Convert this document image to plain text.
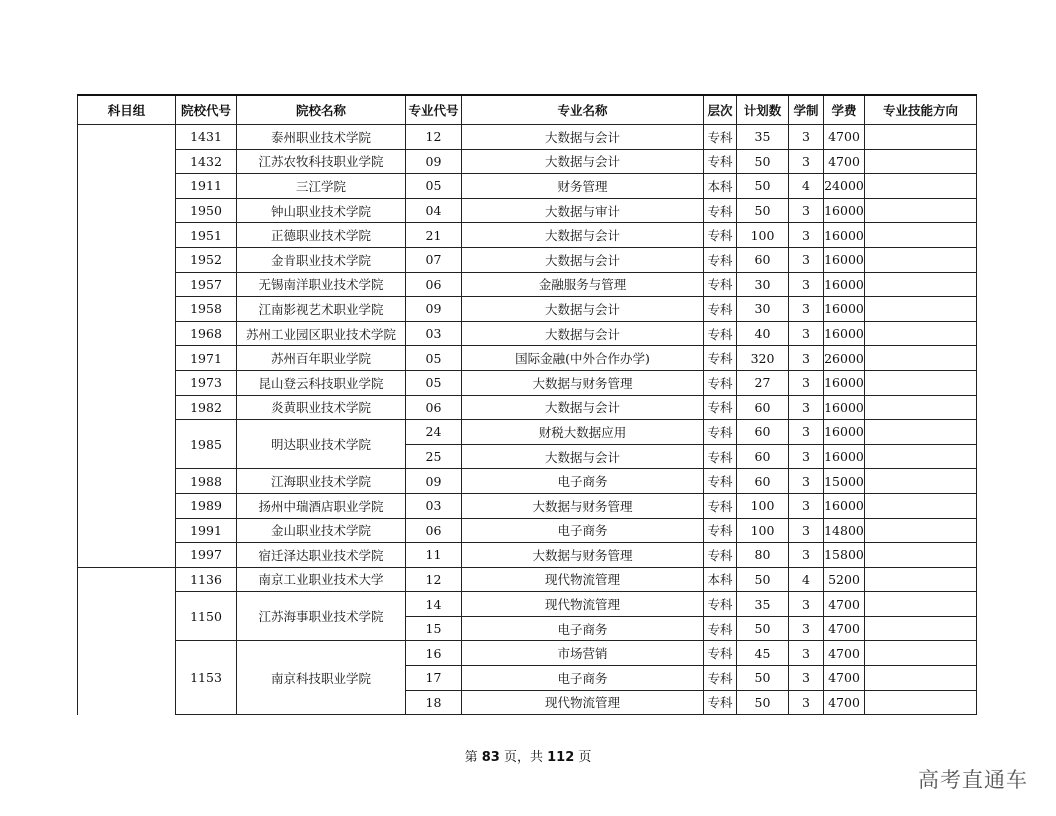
科目组	院校代号	院校名称	专业代号	专业名称	层次	计划数	学制	学费	专业技能方向
	1431	泰州职业技术学院	12	大数据与会计	专科	35	3	4700	
	1432	江苏农牧科技职业学院	09	大数据与会计	专科	50	3	4700	
	1911	三江学院	05	财务管理	本科	50	4	24000	
	1950	钟山职业技术学院	04	大数据与审计	专科	50	3	16000	
	1951	正德职业技术学院	21	大数据与会计	专科	100	3	16000	
	1952	金肯职业技术学院	07	大数据与会计	专科	60	3	16000	
	1957	无锡南洋职业技术学院	06	金融服务与管理	专科	30	3	16000	
	1958	江南影视艺术职业学院	09	大数据与会计	专科	30	3	16000	
	1968	苏州工业园区职业技术学院	03	大数据与会计	专科	40	3	16000	
	1971	苏州百年职业学院	05	国际金融(中外合作办学)	专科	320	3	26000	
	1973	昆山登云科技职业学院	05	大数据与财务管理	专科	27	3	16000	
	1982	炎黄职业技术学院	06	大数据与会计	专科	60	3	16000	
	1985	明达职业技术学院	24	财税大数据应用	专科	60	3	16000	
			25	大数据与会计	专科	60	3	16000	
	1988	江海职业技术学院	09	电子商务	专科	60	3	15000	
	1989	扬州中瑞酒店职业学院	03	大数据与财务管理	专科	100	3	16000	
	1991	金山职业技术学院	06	电子商务	专科	100	3	14800	
	1997	宿迁泽达职业技术学院	11	大数据与财务管理	专科	80	3	15800	
	1136	南京工业职业技术大学	12	现代物流管理	本科	50	4	5200	
	1150	江苏海事职业技术学院	14	现代物流管理	专科	35	3	4700	
			15	电子商务	专科	50	3	4700	
	1153	南京科技职业学院	16	市场营销	专科	45	3	4700	
			17	电子商务	专科	50	3	4700	
			18	现代物流管理	专科	50	3	4700	
第 83 页，共 112 页
高考直通车
